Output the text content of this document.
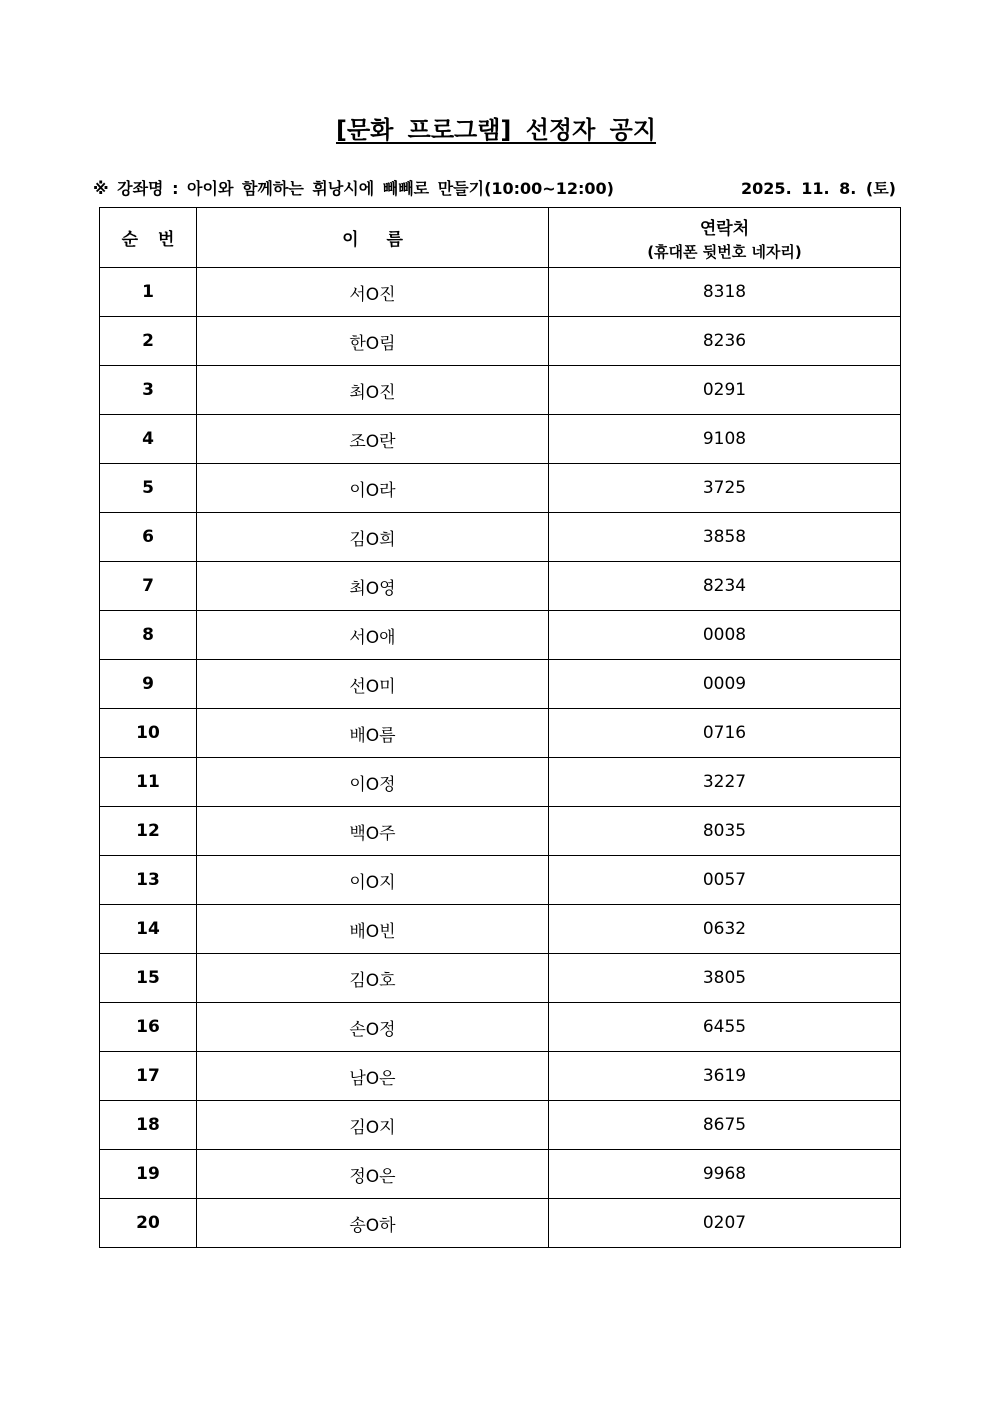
[문화 프로그램] 선정자 공지
※ 강좌명 : 아이와 함께하는 휘낭시에 빼빼로 만들기(10:00~12:00)	2025. 11. 8. (토)
순 번	이 름	연락처
(휴대폰 뒷번호 네자리)

1	서O진	8318
2	한O림	8236
3	최O진	0291
4	조O란	9108
5	이O라	3725
6	김O희	3858
7	최O영	8234
8	서O애	0008
9	선O미	0009
10	배O름	0716
11	이O정	3227
12	백O주	8035
13	이O지	0057
14	배O빈	0632
15	김O호	3805
16	손O정	6455
17	남O은	3619
18	김O지	8675
19	정O은	9968
20	송O하	0207
